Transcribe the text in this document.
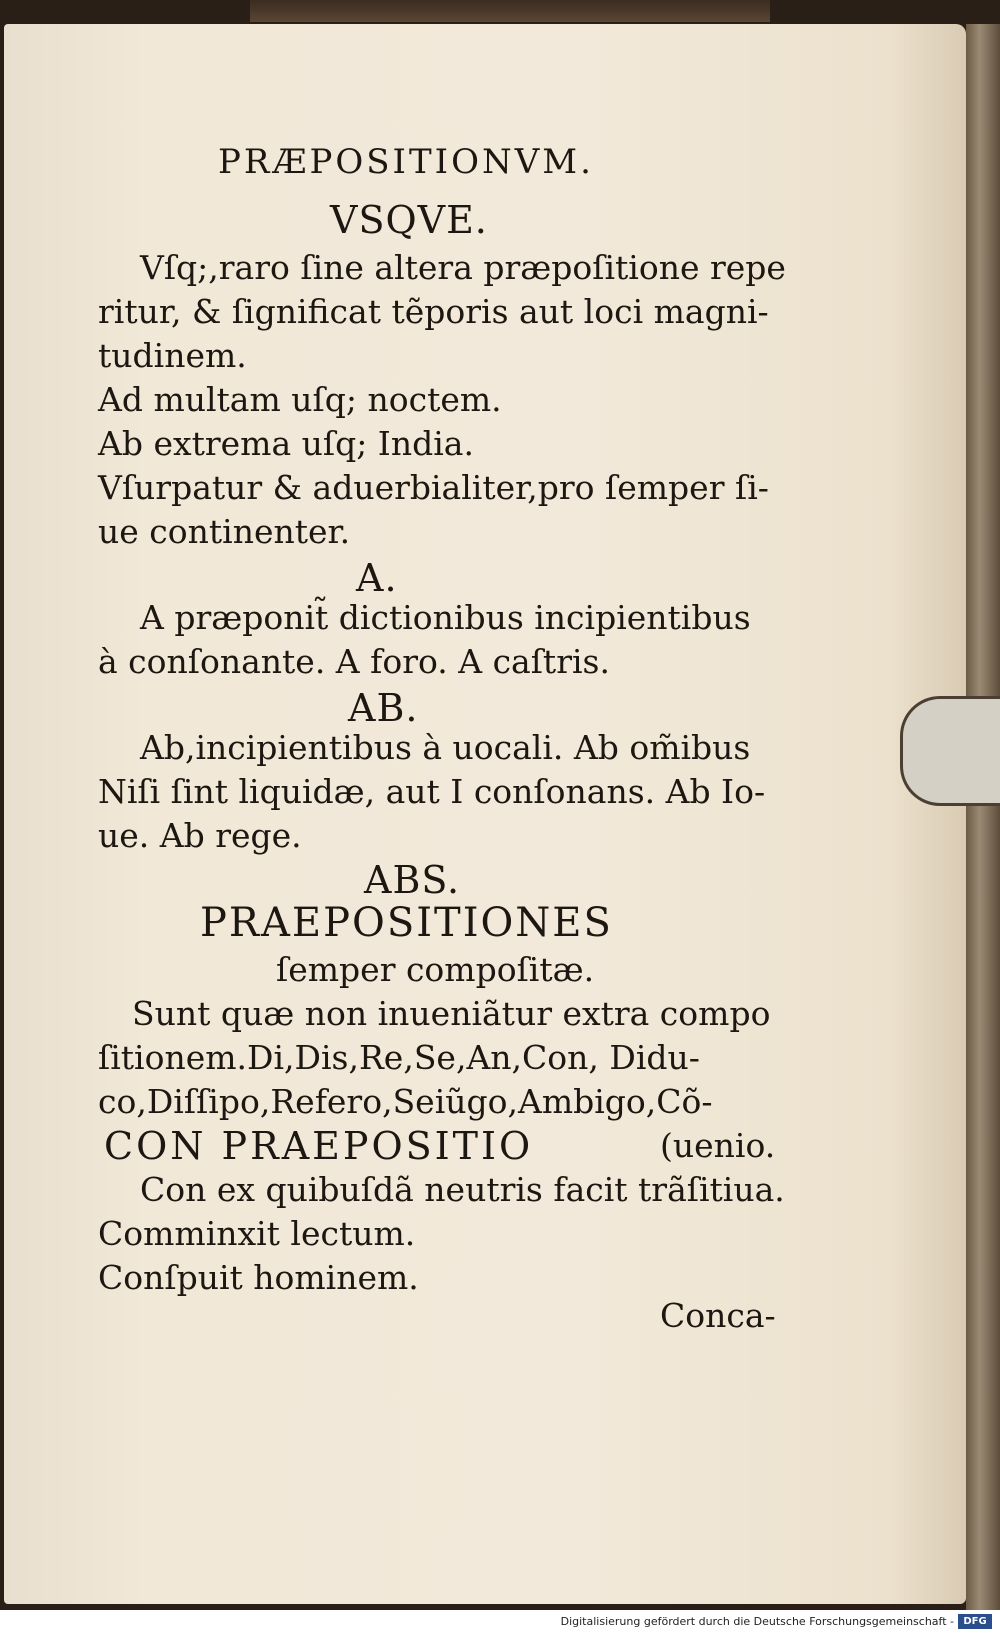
PRÆPOSITIONVM.
VSQVE.
Vſq;,raro ſine altera præpoſitione repe
ritur, & ſignificat tẽporis aut loci magni-
tudinem.
Ad multam uſq; noctem.
Ab extrema uſq; India.
Vſurpatur & aduerbialiter,pro ſemper ſi-
ue continenter.
A.
A præponit̃ dictionibus incipientibus
à conſonante. A foro. A caſtris.
AB.
Ab,incipientibus à uocali. Ab om̃ibus
Niſi ſint liquidæ, aut I conſonans. Ab Io-
ue. Ab rege.
ABS.
PRAEPOSITIONES
ſemper compoſitæ.
Sunt quæ non inueniãtur extra compo
ſitionem.Di,Dis,Re,Se,An,Con, Didu-
co,Diſſipo,Refero,Seiũgo,Ambigo,Cõ-
CON PRAEPOSITIO	(uenio.
Con ex quibuſdã neutris facit trãſitiua.
Comminxit lectum.
Conſpuit hominem.
Conca-
Digitalisierung gefördert durch die Deutsche Forschungsgemeinschaft - DFG
